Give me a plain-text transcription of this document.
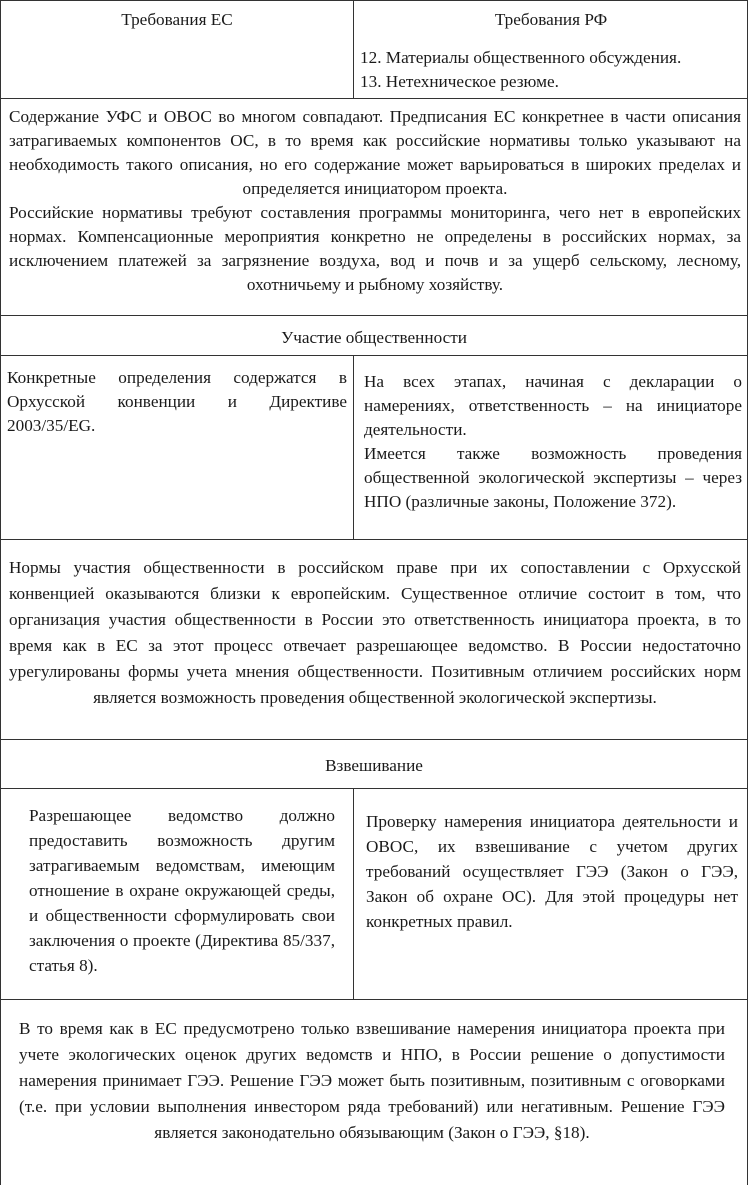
Требования ЕС	Требования РФ
12. Материалы общественного обсуждения.
13. Нетехническое резюме.

Содержание УФС и ОВОС во многом совпадают. Предписания ЕС конкретнее в части описания затрагиваемых компонентов ОС, в то время как российские нормативы только указывают на необходимость такого описания, но его содержание может варьироваться в широких пределах и определяется инициатором проекта.

Российские нормативы требуют составления программы мониторинга, чего нет в европейских нормах. Компенсационные мероприятия конкретно не определены в российских нормах, за исключением платежей за загрязнение воздуха, вод и почв и за ущерб сельскому, лесному, охотничьему и рыбному хозяйству.

Участие общественности
Конкретные определения содержатся в Орхусской конвенции и Директиве 2003/35/EG.

На всех этапах, начиная с декларации о намерениях, ответственность – на инициаторе деятельности.

Имеется также возможность проведения общественной экологической экспертизы – через НПО (различные законы, Положение 372).

Нормы участия общественности в российском праве при их сопоставлении с Орхусской конвенцией оказываются близки к европейским. Существенное отличие состоит в том, что организация участия общественности в России это ответственность инициатора проекта, в то время как в ЕС за этот процесс отвечает разрешающее ведомство. В России недостаточно урегулированы формы учета мнения общественности. Позитивным отличием российских норм является возможность проведения общественной экологической экспертизы.
Взвешивание
Разрешающее ведомство должно предоставить возможность другим затрагиваемым ведомствам, имеющим отношение в охране окружающей среды, и общественности сформулировать свои заключения о проекте (Директива 85/337, статья 8).
Проверку намерения инициатора деятельности и ОВОС, их взвешивание с учетом других требований осуществляет ГЭЭ (Закон о ГЭЭ, Закон об охране ОС). Для этой процедуры нет конкретных правил.
В то время как в ЕС предусмотрено только взвешивание намерения инициатора проекта при учете экологических оценок других ведомств и НПО, в России решение о допустимости намерения принимает ГЭЭ. Решение ГЭЭ может быть позитивным, позитивным с оговорками (т.е. при условии выполнения инвестором ряда требований) или негативным. Решение ГЭЭ является законодательно обязывающим (Закон о ГЭЭ, §18).
